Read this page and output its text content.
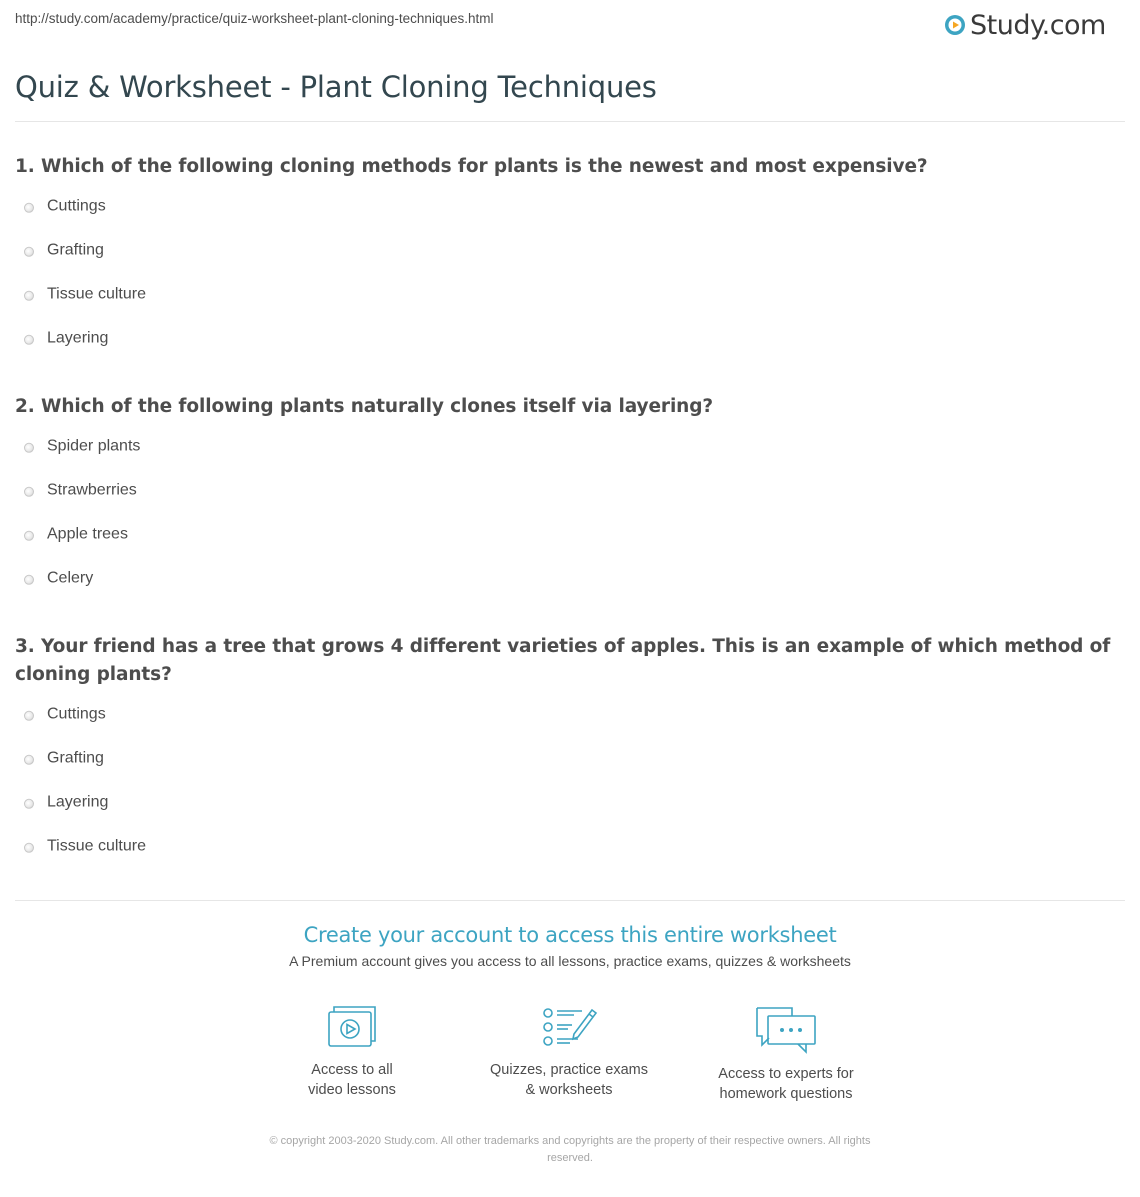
http://study.com/academy/practice/quiz-worksheet-plant-cloning-techniques.html	Study.com
Quiz & Worksheet - Plant Cloning Techniques

1. Which of the following cloning methods for plants is the newest and most expensive?

Cuttings
Grafting
Tissue culture
Layering

2. Which of the following plants naturally clones itself via layering?

Spider plants
Strawberries
Apple trees
Celery

3. Your friend has a tree that grows 4 different varieties of apples. This is an example of which method of cloning plants?

Cuttings
Grafting
Layering
Tissue culture
Create your account to access this entire worksheet
A Premium account gives you access to all lessons, practice exams, quizzes & worksheets
Access to all
video lessons
Quizzes, practice exams
& worksheets
Access to experts for
homework questions
© copyright 2003-2020 Study.com. All other trademarks and copyrights are the property of their respective owners. All rights
reserved.
